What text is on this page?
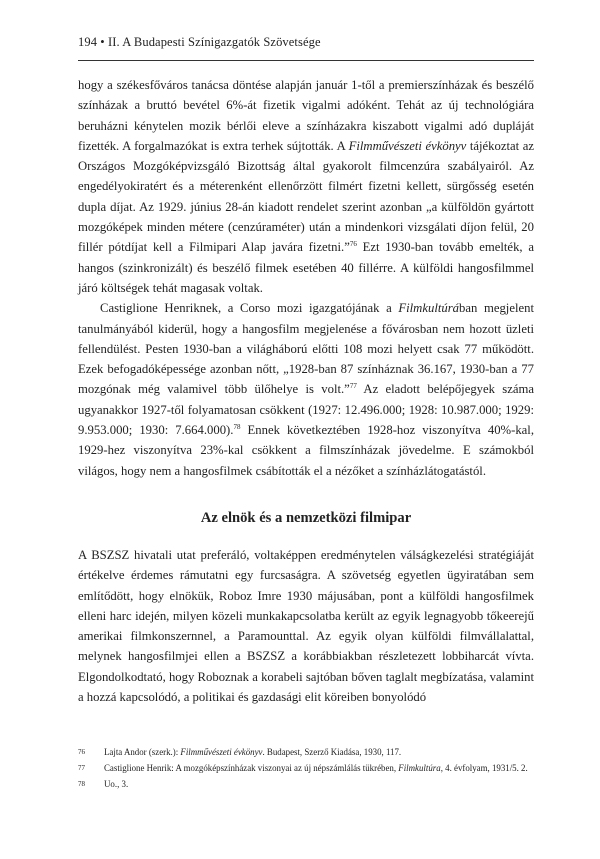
194 • II. A Budapesti Színigazgatók Szövetsége

hogy a székesfőváros tanácsa döntése alapján január 1-től a premierszínházak és beszélő színházak a bruttó bevétel 6%-át fizetik vigalmi adóként. Tehát az új technológiára beruházni kénytelen mozik bérlői eleve a színházakra kiszabott vigalmi adó dupláját fizették. A forgalmazókat is extra terhek sújtották. A Filmművészeti évkönyv tájékoztat az Országos Mozgóképvizsgáló Bizottság által gyakorolt filmcenzúra szabályairól. Az engedélyokiratért és a méterenként ellenőrzött filmért fizetni kellett, sürgősség esetén dupla díjat. Az 1929. június 28-án kiadott rendelet szerint azonban „a külföldön gyártott mozgóképek minden métere (cenzúraméter) után a mindenkori vizsgálati díjon felül, 20 fillér pótdíjat kell a Filmipari Alap javára fizetni.”$^{76}$ Ezt 1930-ban tovább emelték, a hangos (szinkronizált) és beszélő filmek esetében 40 fillérre. A külföldi hangosfilmmel járó költségek tehát magasak voltak.

Castiglione Henriknek, a Corso mozi igazgatójának a Filmkultúrában megjelent tanulmányából kiderül, hogy a hangosfilm megjelenése a fővárosban nem hozott üzleti fellendülést. Pesten 1930-ban a világháború előtti 108 mozi helyett csak 77 működött. Ezek befogadóképessége azonban nőtt, „1928-ban 87 színháznak 36.167, 1930-ban a 77 mozgónak még valamivel több ülőhelye is volt.”$^{77}$ Az eladott belépőjegyek száma ugyanakkor 1927-től folyamatosan csökkent (1927: 12.496.000; 1928: 10.987.000; 1929: 9.953.000; 1930: 7.664.000).$^{78}$ Ennek következtében 1928-hoz viszonyítva 40%-kal, 1929-hez viszonyítva 23%-kal csökkent a filmszínházak jövedelme. E számokból világos, hogy nem a hangosfilmek csábították el a nézőket a színházlátogatástól.

Az elnök és a nemzetközi filmipar

A BSZSZ hivatali utat preferáló, voltaképpen eredménytelen válságkezelési stratégiáját értékelve érdemes rámutatni egy furcsaságra. A szövetség egyetlen ügyiratában sem említődött, hogy elnökük, Roboz Imre 1930 májusában, pont a külföldi hangosfilmek elleni harc idején, milyen közeli munkakapcsolatba került az egyik legnagyobb tőkeerejű amerikai filmkonszernnel, a Paramounttal. Az egyik olyan külföldi filmvállalattal, melynek hangosfilmjei ellen a BSZSZ a korábbiakban részletezett lobbiharcát vívta. Elgondolkodtató, hogy Roboznak a korabeli sajtóban bőven taglalt megbízatása, valamint a hozzá kapcsolódó, a politikai és gazdasági elit köreiben bonyolódó

76 Lajta Andor (szerk.): Filmművészeti évkönyv. Budapest, Szerző Kiadása, 1930, 117.
77 Castiglione Henrik: A mozgóképszínházak viszonyai az új népszámlálás tükrében, Filmkultúra, 4. évfolyam, 1931/5. 2.
78 Uo., 3.
